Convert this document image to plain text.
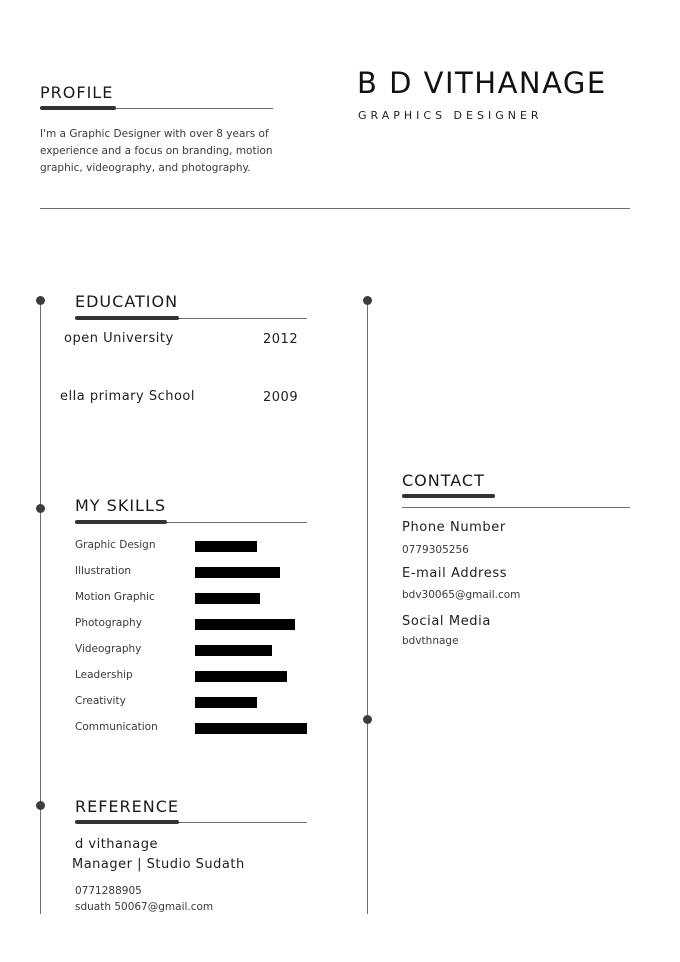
B D VITHANAGE
GRAPHICS DESIGNER
PROFILE
I'm a Graphic Designer with over 8 years of
experience and a focus on branding, motion
graphic, videography, and photography.
EDUCATION
open University	2012
ella primary School	2009
MY SKILLS
Graphic Design
Illustration
Motion Graphic
Photography
Videography
Leadership
Creativity
Communication
CONTACT
Phone Number
0779305256
E-mail Address
bdv30065@gmail.com
Social Media
bdvthnage
REFERENCE
d vithanage
Manager | Studio Sudath
0771288905
sduath 50067@gmail.com
